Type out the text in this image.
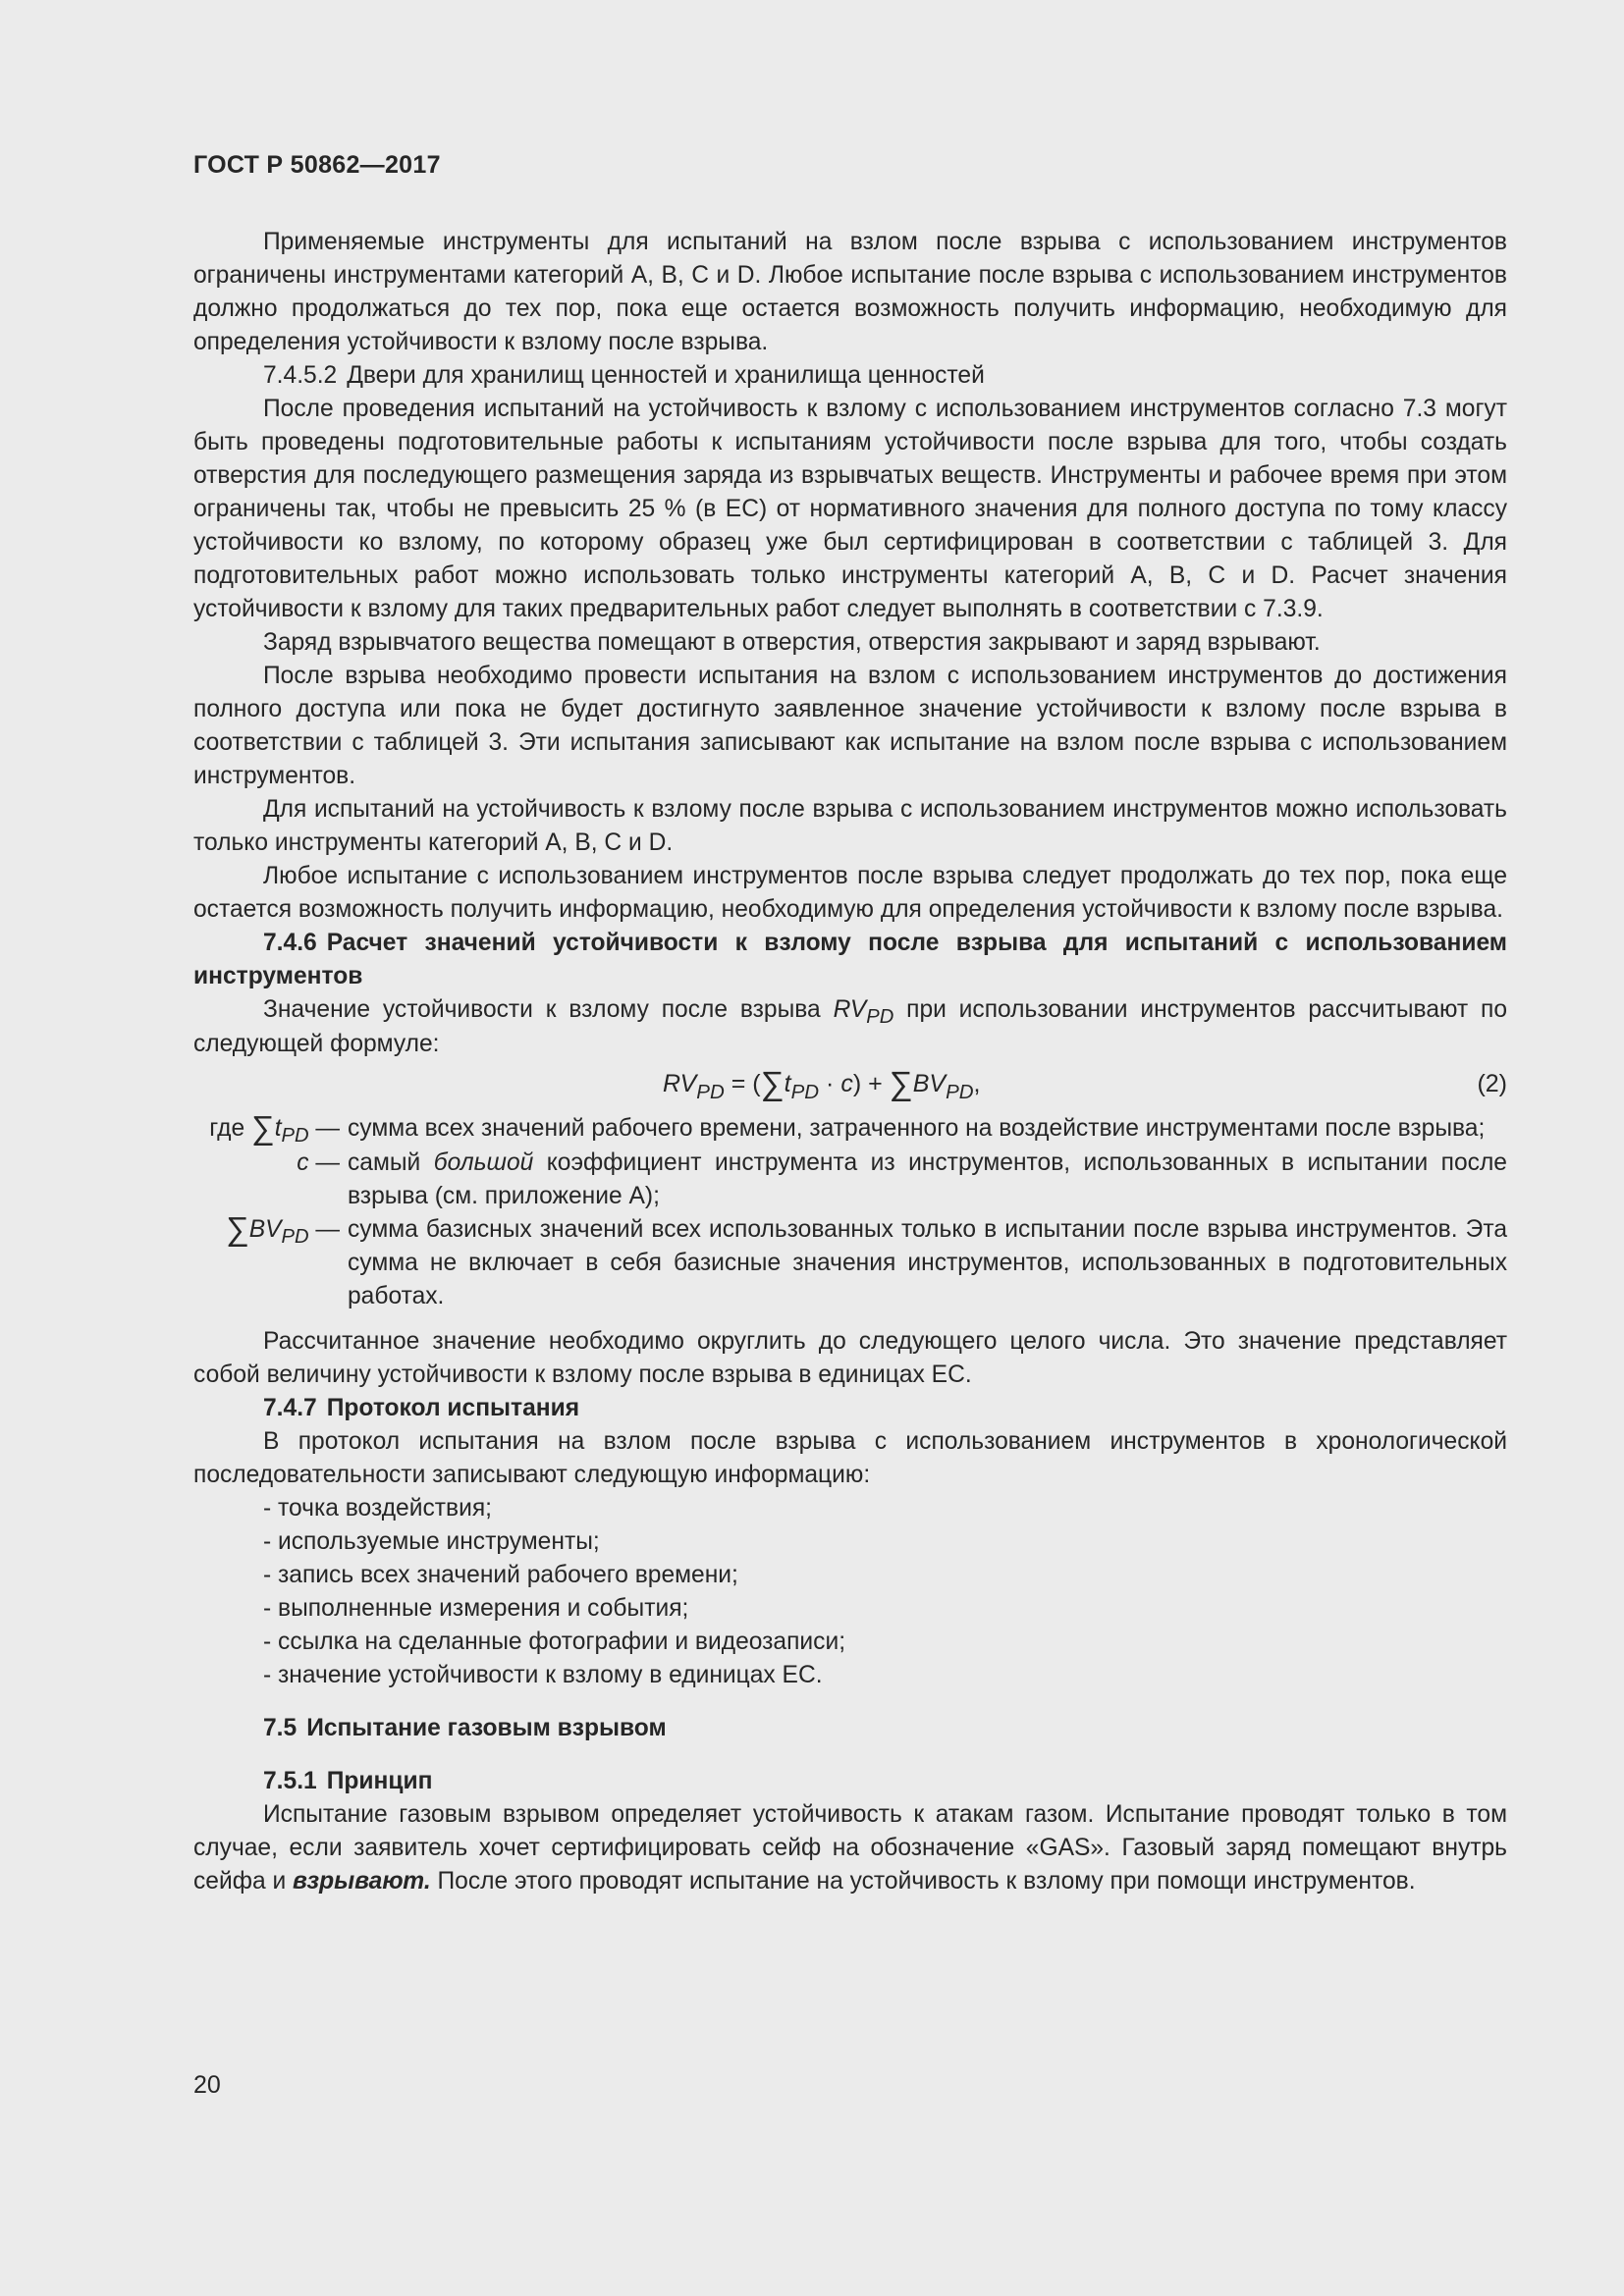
ГОСТ Р 50862—2017

Применяемые инструменты для испытаний на взлом после взрыва с использованием инструментов ограничены инструментами категорий A, B, C и D. Любое испытание после взрыва с использованием инструментов должно продолжаться до тех пор, пока еще остается возможность получить информацию, необходимую для определения устойчивости к взлому после взрыва.

7.4.5.2 Двери для хранилищ ценностей и хранилища ценностей

После проведения испытаний на устойчивость к взлому с использованием инструментов согласно 7.3 могут быть проведены подготовительные работы к испытаниям устойчивости после взрыва для того, чтобы создать отверстия для последующего размещения заряда из взрывчатых веществ. Инструменты и рабочее время при этом ограничены так, чтобы не превысить 25 % (в EC) от нормативного значения для полного доступа по тому классу устойчивости ко взлому, по которому образец уже был сертифицирован в соответствии с таблицей 3. Для подготовительных работ можно использовать только инструменты категорий A, B, C и D. Расчет значения устойчивости к взлому для таких предварительных работ следует выполнять в соответствии с 7.3.9.

Заряд взрывчатого вещества помещают в отверстия, отверстия закрывают и заряд взрывают.

После взрыва необходимо провести испытания на взлом с использованием инструментов до достижения полного доступа или пока не будет достигнуто заявленное значение устойчивости к взлому после взрыва в соответствии с таблицей 3. Эти испытания записывают как испытание на взлом после взрыва с использованием инструментов.

Для испытаний на устойчивость к взлому после взрыва с использованием инструментов можно использовать только инструменты категорий A, B, C и D.

Любое испытание с использованием инструментов после взрыва следует продолжать до тех пор, пока еще остается возможность получить информацию, необходимую для определения устойчивости к взлому после взрыва.

7.4.6 Расчет значений устойчивости к взлому после взрыва для испытаний с использованием инструментов

Значение устойчивости к взлому после взрыва $RV_{PD}$ при использовании инструментов рассчитывают по следующей формуле:

$RV_{PD} = (\sum t_{PD} \cdot c) + \sum BV_{PD}$,	(2)
где $\sum t_{PD}$ — сумма всех значений рабочего времени, затраченного на воздействие инструментами после взрыва;
c — самый большой коэффициент инструмента из инструментов, использованных в испытании после взрыва (см. приложение А);
$\sum BV_{PD}$ — сумма базисных значений всех использованных только в испытании после взрыва инструментов. Эта сумма не включает в себя базисные значения инструментов, использованных в подготовительных работах.

Рассчитанное значение необходимо округлить до следующего целого числа. Это значение представляет собой величину устойчивости к взлому после взрыва в единицах EC.

7.4.7 Протокол испытания

В протокол испытания на взлом после взрыва с использованием инструментов в хронологической последовательности записывают следующую информацию:

- точка воздействия;
- используемые инструменты;
- запись всех значений рабочего времени;
- выполненные измерения и события;
- ссылка на сделанные фотографии и видеозаписи;
- значение устойчивости к взлому в единицах EC.

7.5 Испытание газовым взрывом

7.5.1 Принцип

Испытание газовым взрывом определяет устойчивость к атакам газом. Испытание проводят только в том случае, если заявитель хочет сертифицировать сейф на обозначение «GAS». Газовый заряд помещают внутрь сейфа и взрывают. После этого проводят испытание на устойчивость к взлому при помощи инструментов.

20
